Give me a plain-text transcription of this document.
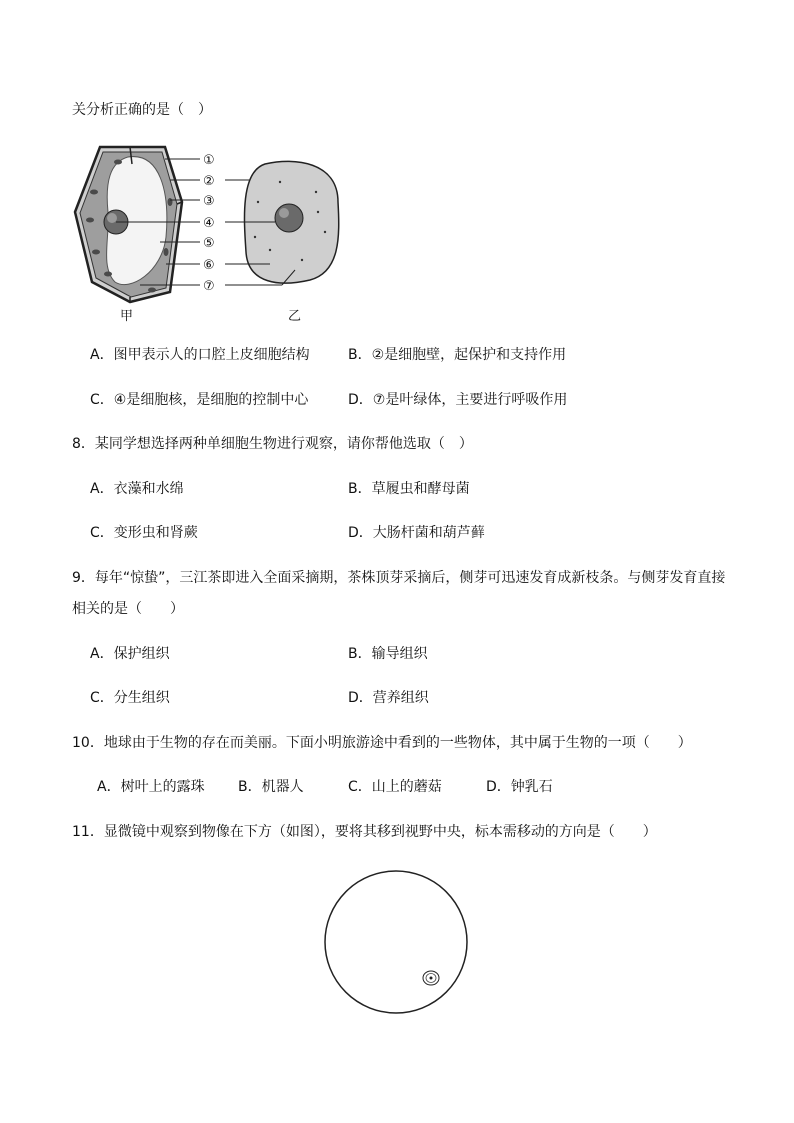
关分析正确的是（　）
①
②
③
④
⑤
⑥
⑦
甲	乙
A．图甲表示人的口腔上皮细胞结构	B．②是细胞壁，起保护和支持作用
C．④是细胞核，是细胞的控制中心	D．⑦是叶绿体，主要进行呼吸作用
8．某同学想选择两种单细胞生物进行观察，请你帮他选取（　）
A．衣藻和水绵	B．草履虫和酵母菌
C．变形虫和肾蕨	D．大肠杆菌和葫芦藓
9．每年“惊蛰”，三江茶即进入全面采摘期，茶株顶芽采摘后，侧芽可迅速发育成新枝条。与侧芽发育直接
相关的是（　　）
A．保护组织	B．输导组织
C．分生组织	D．营养组织
10．地球由于生物的存在而美丽。下面小明旅游途中看到的一些物体，其中属于生物的一项（　　）
A．树叶上的露珠 B．机器人	C．山上的蘑菇	D．钟乳石
11．显微镜中观察到物像在下方（如图），要将其移到视野中央，标本需移动的方向是（　　）
